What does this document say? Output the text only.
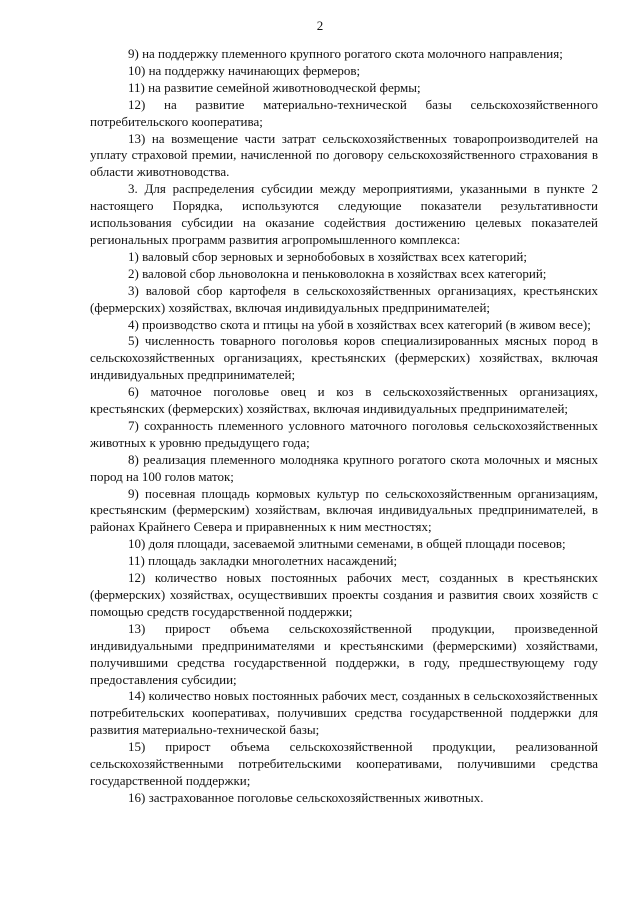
2

9) на поддержку племенного крупного рогатого скота молочного направления;

10) на поддержку начинающих фермеров;

11) на развитие семейной животноводческой фермы;

12) на развитие материально-технической базы сельскохозяйственного потребительского кооператива;

13) на возмещение части затрат сельскохозяйственных товаропроизводителей на уплату страховой премии, начисленной по договору сельскохозяйственного страхования в области животноводства.

3. Для распределения субсидии между мероприятиями, указанными в пункте 2 настоящего Порядка, используются следующие показатели результативности использования субсидии на оказание содействия достижению целевых показателей региональных программ развития агропромышленного комплекса:

1) валовый сбор зерновых и зернобобовых в хозяйствах всех категорий;

2) валовой сбор льноволокна и пеньковолокна в хозяйствах всех категорий;

3) валовой сбор картофеля в сельскохозяйственных организациях, крестьянских (фермерских) хозяйствах, включая индивидуальных предпринимателей;

4) производство скота и птицы на убой в хозяйствах всех категорий (в живом весе);

5) численность товарного поголовья коров специализированных мясных пород в сельскохозяйственных организациях, крестьянских (фермерских) хозяйствах, включая индивидуальных предпринимателей;

6) маточное поголовье овец и коз в сельскохозяйственных организациях, крестьянских (фермерских) хозяйствах, включая индивидуальных предпринимателей;

7) сохранность племенного условного маточного поголовья сельскохозяйственных животных к уровню предыдущего года;

8) реализация племенного молодняка крупного рогатого скота молочных и мясных пород на 100 голов маток;

9) посевная площадь кормовых культур по сельскохозяйственным организациям, крестьянским (фермерским) хозяйствам, включая индивидуальных предпринимателей, в районах Крайнего Севера и приравненных к ним местностях;

10) доля площади, засеваемой элитными семенами, в общей площади посевов;

11) площадь закладки многолетних насаждений;

12) количество новых постоянных рабочих мест, созданных в крестьянских (фермерских) хозяйствах, осуществивших проекты создания и развития своих хозяйств с помощью средств государственной поддержки;

13) прирост объема сельскохозяйственной продукции, произведенной индивидуальными предпринимателями и крестьянскими (фермерскими) хозяйствами, получившими средства государственной поддержки, в году, предшествующему году предоставления субсидии;

14) количество новых постоянных рабочих мест, созданных в сельскохозяйственных потребительских кооперативах, получивших средства государственной поддержки для развития материально-технической базы;

15) прирост объема сельскохозяйственной продукции, реализованной сельскохозяйственными потребительскими кооперативами, получившими средства государственной поддержки;

16) застрахованное поголовье сельскохозяйственных животных.
